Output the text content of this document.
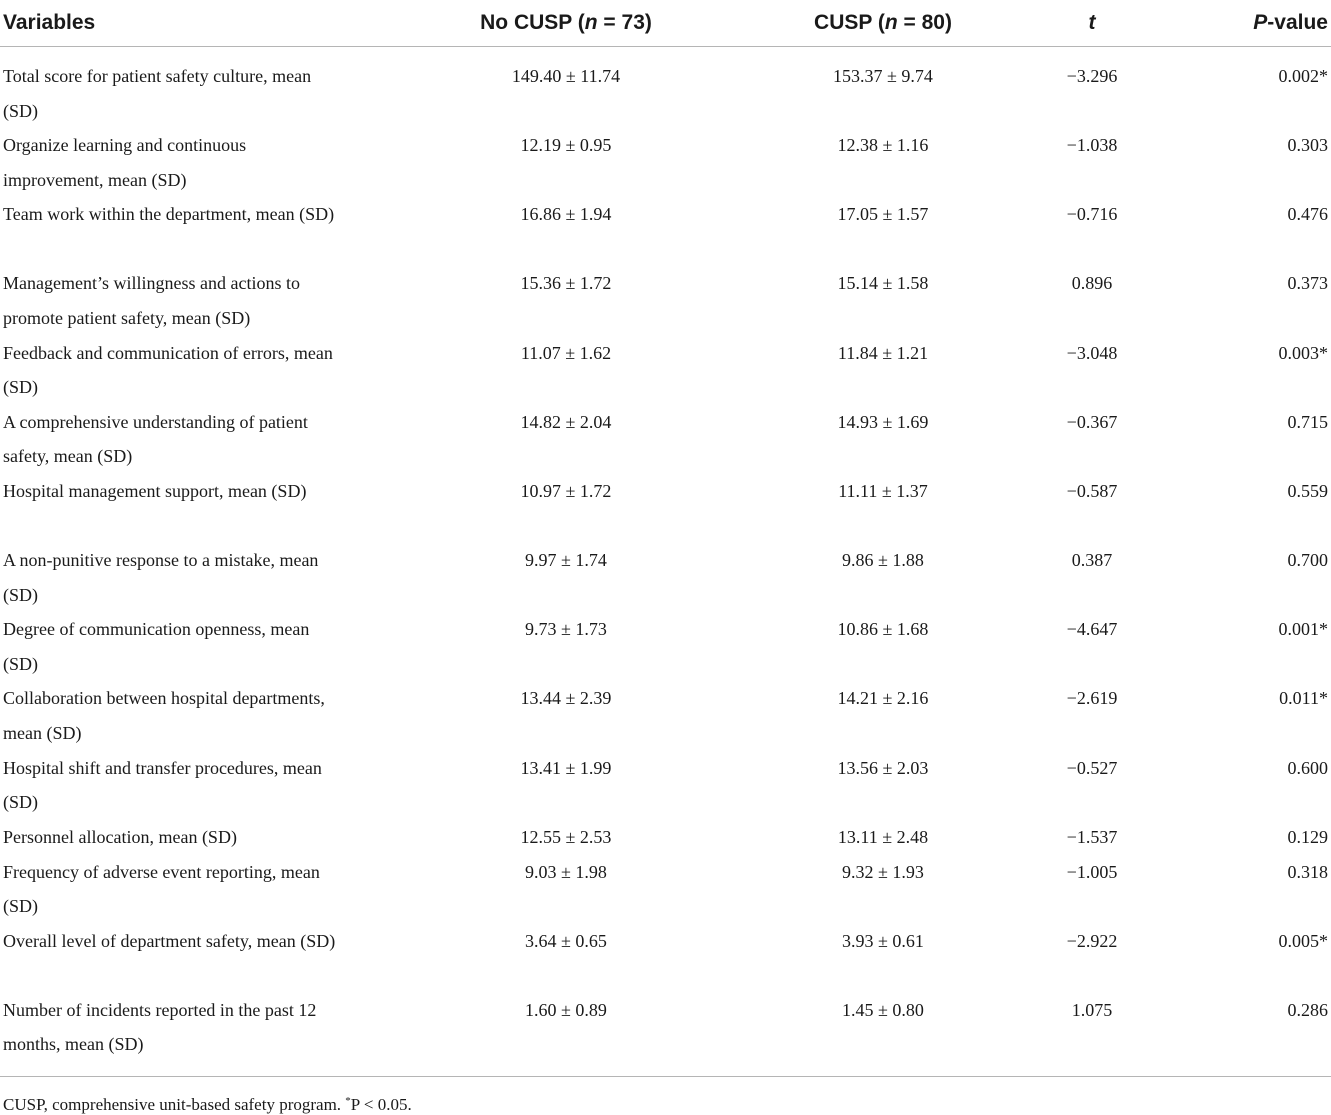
Variables	No CUSP (n = 73)	CUSP (n = 80)	t	P-value
Total score for patient safety culture, mean (SD)	149.40 ± 11.74	153.37 ± 9.74	−3.296	0.002*
Organize learning and continuous improvement, mean (SD)	12.19 ± 0.95	12.38 ± 1.16	−1.038	0.303
Team work within the department, mean (SD)	16.86 ± 1.94	17.05 ± 1.57	−0.716	0.476
Management’s willingness and actions to promote patient safety, mean (SD)	15.36 ± 1.72	15.14 ± 1.58	0.896	0.373
Feedback and communication of errors, mean (SD)	11.07 ± 1.62	11.84 ± 1.21	−3.048	0.003*
A comprehensive understanding of patient safety, mean (SD)	14.82 ± 2.04	14.93 ± 1.69	−0.367	0.715
Hospital management support, mean (SD)	10.97 ± 1.72	11.11 ± 1.37	−0.587	0.559
A non-punitive response to a mistake, mean (SD)	9.97 ± 1.74	9.86 ± 1.88	0.387	0.700
Degree of communication openness, mean (SD)	9.73 ± 1.73	10.86 ± 1.68	−4.647	0.001*
Collaboration between hospital departments, mean (SD)	13.44 ± 2.39	14.21 ± 2.16	−2.619	0.011*
Hospital shift and transfer procedures, mean (SD)	13.41 ± 1.99	13.56 ± 2.03	−0.527	0.600
Personnel allocation, mean (SD)	12.55 ± 2.53	13.11 ± 2.48	−1.537	0.129
Frequency of adverse event reporting, mean (SD)	9.03 ± 1.98	9.32 ± 1.93	−1.005	0.318
Overall level of department safety, mean (SD)	3.64 ± 0.65	3.93 ± 0.61	−2.922	0.005*
Number of incidents reported in the past 12 months, mean (SD)	1.60 ± 0.89	1.45 ± 0.80	1.075	0.286
CUSP, comprehensive unit-based safety program. *P < 0.05.
